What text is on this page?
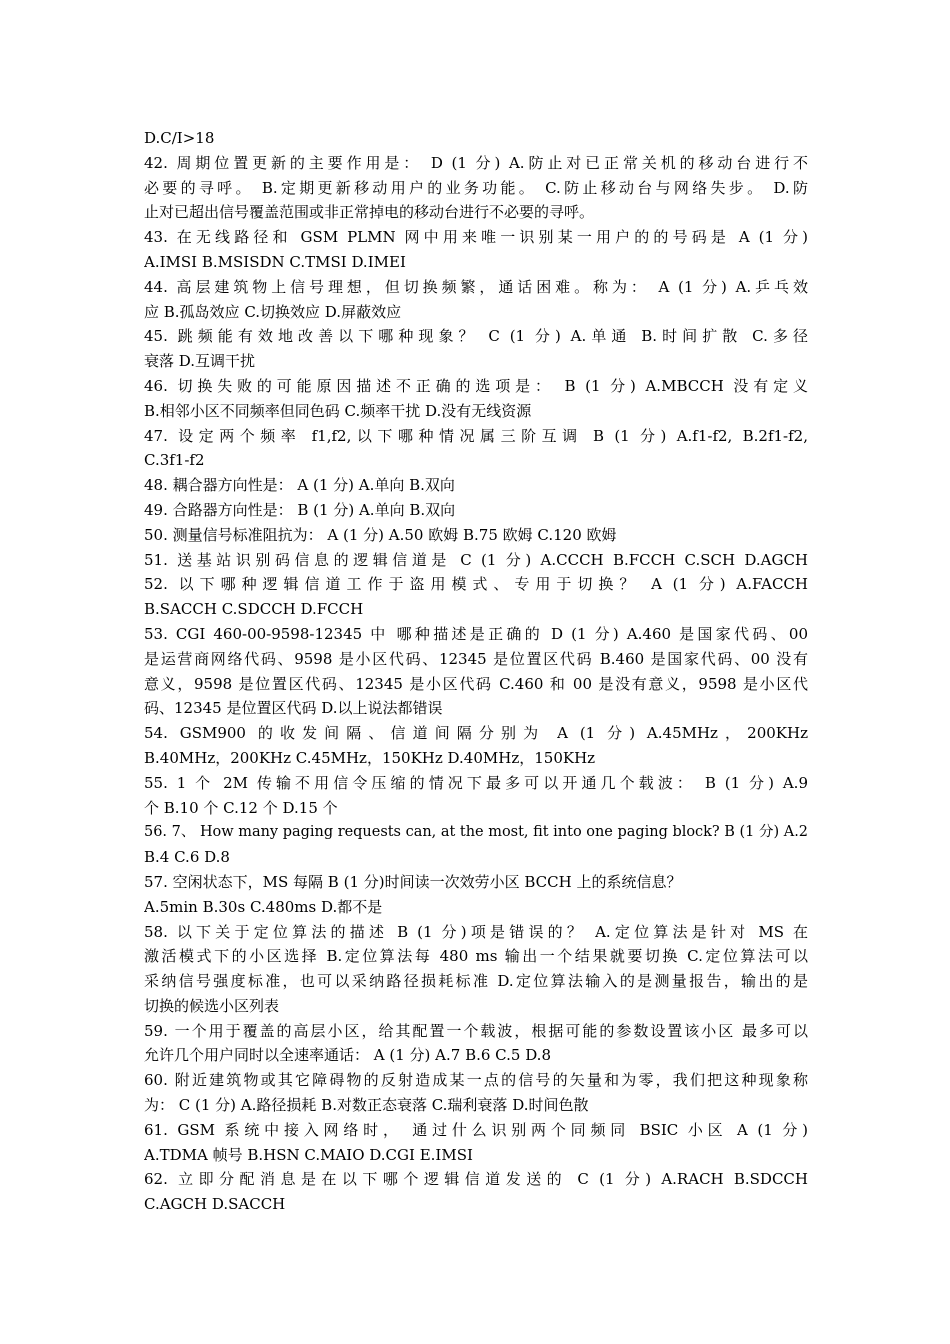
D.C/I>18
42. 周期位置更新的主要作用是： D (1 分) A.防止对已正常关机的移动台进行不
必要的寻呼。 B.定期更新移动用户的业务功能。 C.防止移动台与网络失步。 D.防
止对已超出信号覆盖范围或非正常掉电的移动台进行不必要的寻呼。
43. 在无线路径和 GSM PLMN 网中用来唯一识别某一用户的的号码是 A (1 分)
A.IMSI B.MSISDN C.TMSI D.IMEI
44. 高层建筑物上信号理想，但切换频繁，通话困难。称为： A (1 分) A.乒乓效
应 B.孤岛效应 C.切换效应 D.屏蔽效应
45. 跳频能有效地改善以下哪种现象？ C (1 分) A.单通 B.时间扩散 C.多径
衰落 D.互调干扰
46. 切换失败的可能原因描述不正确的选项是： B (1 分) A.MBCCH 没有定义
B.相邻小区不同频率但同色码 C.频率干扰 D.没有无线资源
47. 设定两个频率 f1,f2,以下哪种情况属三阶互调 B (1 分) A.f1-f2, B.2f1-f2,
C.3f1-f2
48. 耦合器方向性是： A (1 分) A.单向 B.双向
49. 合路器方向性是： B (1 分) A.单向 B.双向
50. 测量信号标准阻抗为： A (1 分) A.50 欧姆 B.75 欧姆 C.120 欧姆
51. 送基站识别码信息的逻辑信道是 C (1 分) A.CCCH B.FCCH C.SCH D.AGCH
52. 以下哪种逻辑信道工作于盗用模式、专用于切换？ A (1 分) A.FACCH
B.SACCH C.SDCCH D.FCCH
53. CGI 460-00-9598-12345 中 哪种描述是正确的 D (1 分) A.460 是国家代码、00
是运营商网络代码、9598 是小区代码、12345 是位置区代码 B.460 是国家代码、00 没有
意义，9598 是位置区代码、12345 是小区代码 C.460 和 00 是没有意义，9598 是小区代
码、12345 是位置区代码 D.以上说法都错误
54. GSM900 的收发间隔、信道间隔分别为 A (1 分) A.45MHz，200KHz
B.40MHz，200KHz C.45MHz，150KHz D.40MHz，150KHz
55. 1 个 2M 传输不用信令压缩的情况下最多可以开通几个载波： B (1 分) A.9
个 B.10 个 C.12 个 D.15 个
56. 7、 How many paging requests can, at the most, fit into one paging block? B (1 分) A.2
B.4 C.6 D.8
57. 空闲状态下，MS 每隔 B (1 分)时间读一次效劳小区 BCCH 上的系统信息？
A.5min B.30s C.480ms D.都不是
58. 以下关于定位算法的描述 B (1 分)项是错误的？ A.定位算法是针对 MS 在
激活模式下的小区选择 B.定位算法每 480 ms 输出一个结果就要切换 C.定位算法可以
采纳信号强度标准，也可以采纳路径损耗标准 D.定位算法输入的是测量报告，输出的是
切换的候选小区列表
59. 一个用于覆盖的高层小区，给其配置一个载波，根据可能的参数设置该小区 最多可以
允许几个用户同时以全速率通话： A (1 分) A.7 B.6 C.5 D.8
60. 附近建筑物或其它障碍物的反射造成某一点的信号的矢量和为零，我们把这种现象称
为： C (1 分) A.路径损耗 B.对数正态衰落 C.瑞利衰落 D.时间色散
61. GSM 系统中接入网络时， 通过什么识别两个同频同 BSIC 小区 A (1 分)
A.TDMA 帧号 B.HSN C.MAIO D.CGI E.IMSI
62. 立即分配消息是在以下哪个逻辑信道发送的 C (1 分) A.RACH B.SDCCH
C.AGCH D.SACCH
